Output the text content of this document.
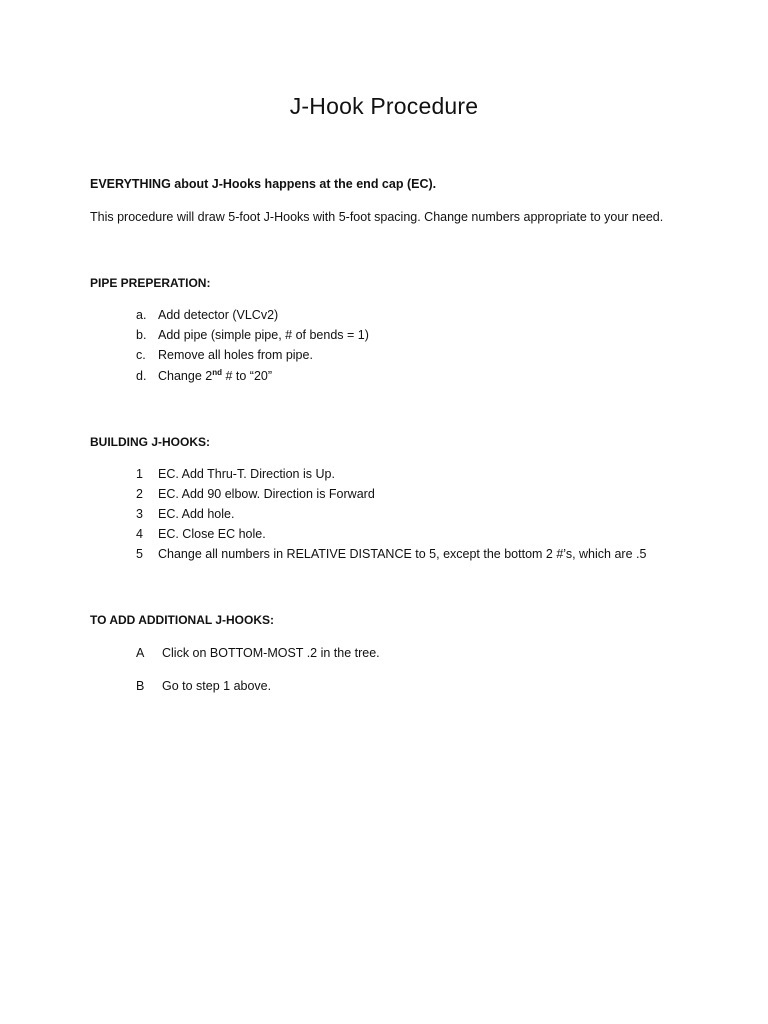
J-Hook Procedure
EVERYTHING about J-Hooks happens at the end cap (EC).
This procedure will draw 5-foot J-Hooks with 5-foot spacing. Change numbers appropriate to your need.
PIPE PREPERATION:
a. Add detector (VLCv2)
b. Add pipe (simple pipe, # of bends = 1)
c. Remove all holes from pipe.
d. Change 2nd # to “20”
BUILDING J-HOOKS:
1	EC. Add Thru-T. Direction is Up.
2	EC. Add 90 elbow. Direction is Forward
3	EC. Add hole.
4	EC. Close EC hole.
5	Change all numbers in RELATIVE DISTANCE to 5, except the bottom 2 #’s, which are .5
TO ADD ADDITIONAL J-HOOKS:
A	Click on BOTTOM-MOST .2 in the tree.
B	Go to step 1 above.
